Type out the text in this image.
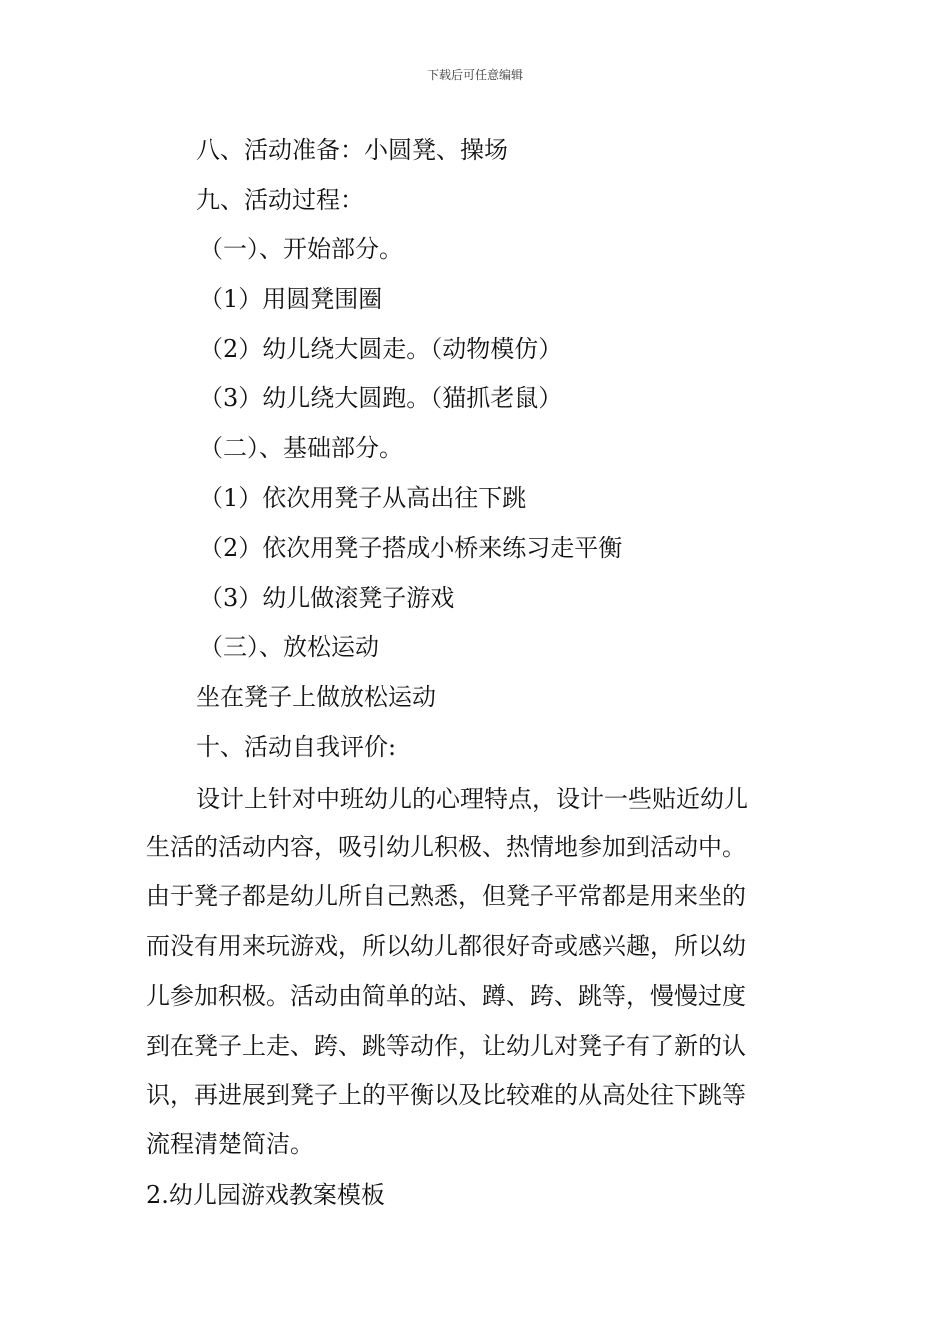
下载后可任意编辑
八、活动准备：小圆凳、操场
九、活动过程：
（一）、开始部分。
（1）用圆凳围圈
（2）幼儿绕大圆走。（动物模仿）
（3）幼儿绕大圆跑。（猫抓老鼠）
（二）、基础部分。
（1）依次用凳子从高出往下跳
（2）依次用凳子搭成小桥来练习走平衡
（3）幼儿做滚凳子游戏
（三）、放松运动
坐在凳子上做放松运动
十、活动自我评价:
设计上针对中班幼儿的心理特点，设计一些贴近幼儿
生活的活动内容，吸引幼儿积极、热情地参加到活动中。
由于凳子都是幼儿所自己熟悉，但凳子平常都是用来坐的
而没有用来玩游戏，所以幼儿都很好奇或感兴趣，所以幼
儿参加积极。活动由简单的站、蹲、跨、跳等，慢慢过度
到在凳子上走、跨、跳等动作，让幼儿对凳子有了新的认
识，再进展到凳子上的平衡以及比较难的从高处往下跳等
流程清楚简洁。
2.幼儿园游戏教案模板
